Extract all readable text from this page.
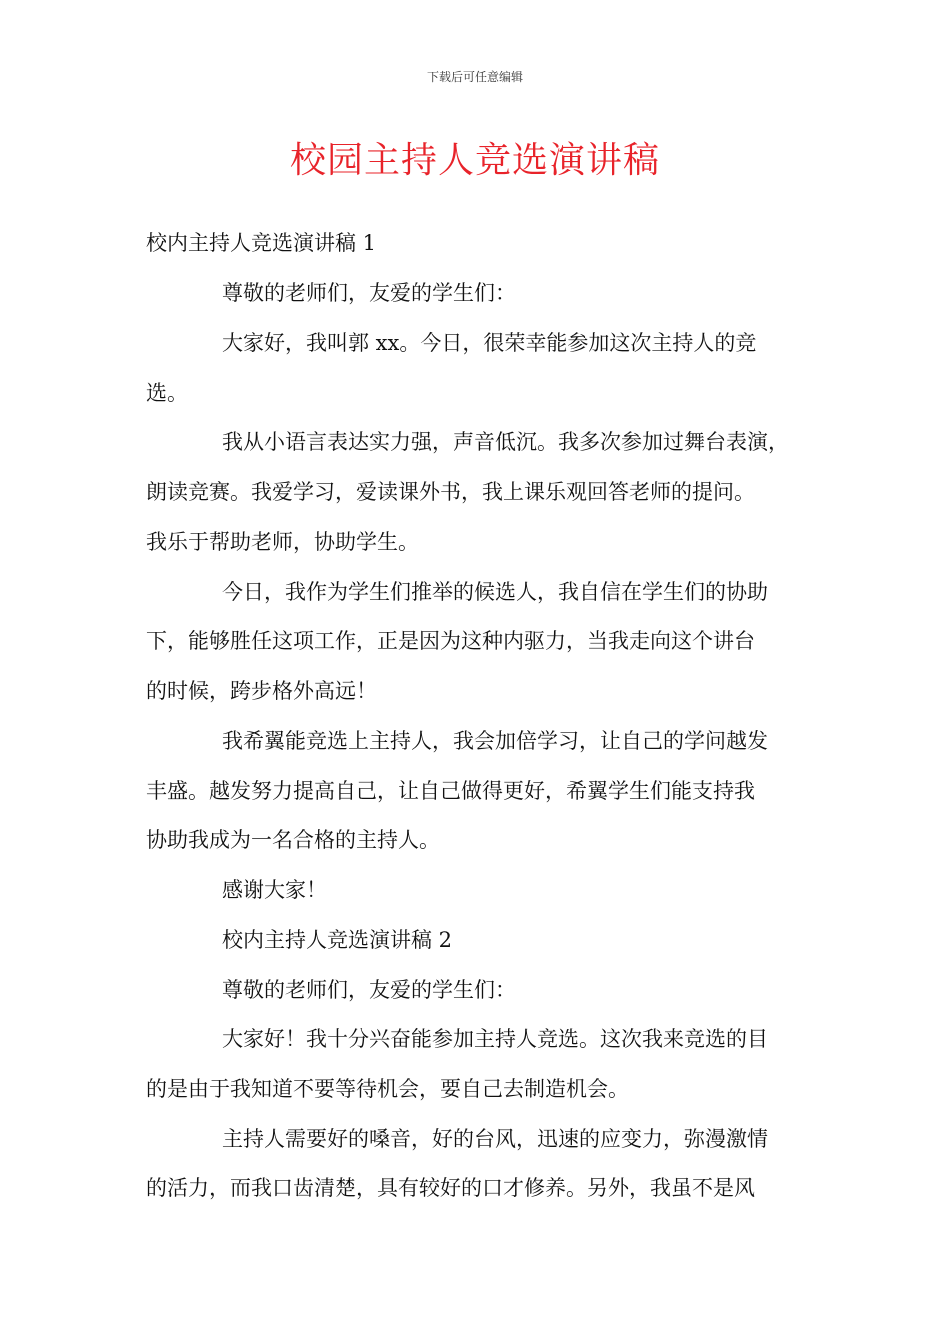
下载后可任意编辑
校园主持人竞选演讲稿
校内主持人竞选演讲稿 1
尊敬的老师们，友爱的学生们：
大家好，我叫郭 xx。今日，很荣幸能参加这次主持人的竞
选。
我从小语言表达实力强，声音低沉。我多次参加过舞台表演，
朗读竞赛。我爱学习，爱读课外书，我上课乐观回答老师的提问。
我乐于帮助老师，协助学生。
今日，我作为学生们推举的候选人，我自信在学生们的协助
下，能够胜任这项工作，正是因为这种内驱力，当我走向这个讲台
的时候，跨步格外高远！
我希翼能竞选上主持人，我会加倍学习，让自己的学问越发
丰盛。越发努力提高自己，让自己做得更好，希翼学生们能支持我
协助我成为一名合格的主持人。
感谢大家！
校内主持人竞选演讲稿 2
尊敬的老师们，友爱的学生们：
大家好！我十分兴奋能参加主持人竞选。这次我来竞选的目
的是由于我知道不要等待机会，要自己去制造机会。
主持人需要好的嗓音，好的台风，迅速的应变力，弥漫激情
的活力，而我口齿清楚，具有较好的口才修养。另外，我虽不是风
